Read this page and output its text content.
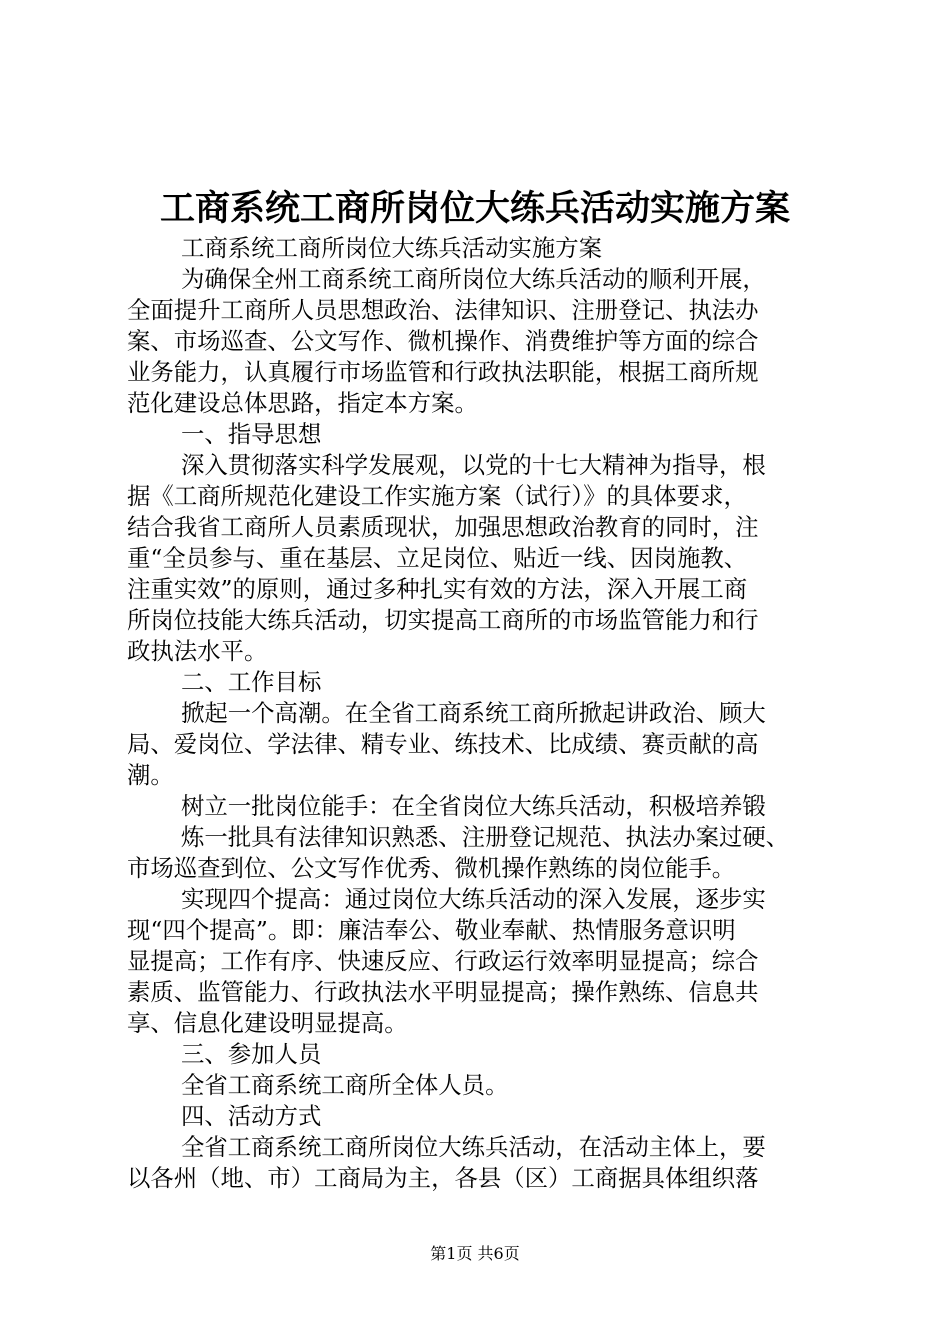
工商系统工商所岗位大练兵活动实施方案
工商系统工商所岗位大练兵活动实施方案
为确保全州工商系统工商所岗位大练兵活动的顺利开展，
全面提升工商所人员思想政治、法律知识、注册登记、执法办
案、市场巡查、公文写作、微机操作、消费维护等方面的综合
业务能力，认真履行市场监管和行政执法职能，根据工商所规
范化建设总体思路，指定本方案。
一、指导思想
深入贯彻落实科学发展观，以党的十七大精神为指导，根
据《工商所规范化建设工作实施方案（试行）》的具体要求，
结合我省工商所人员素质现状，加强思想政治教育的同时，注
重“全员参与、重在基层、立足岗位、贴近一线、因岗施教、
注重实效”的原则，通过多种扎实有效的方法，深入开展工商
所岗位技能大练兵活动，切实提高工商所的市场监管能力和行
政执法水平。
二、工作目标
掀起一个高潮。在全省工商系统工商所掀起讲政治、顾大
局、爱岗位、学法律、精专业、练技术、比成绩、赛贡献的高
潮。
树立一批岗位能手：在全省岗位大练兵活动，积极培养锻
炼一批具有法律知识熟悉、注册登记规范、执法办案过硬、
市场巡查到位、公文写作优秀、微机操作熟练的岗位能手。
实现四个提高：通过岗位大练兵活动的深入发展，逐步实
现“四个提高”。即：廉洁奉公、敬业奉献、热情服务意识明
显提高；工作有序、快速反应、行政运行效率明显提高；综合
素质、监管能力、行政执法水平明显提高；操作熟练、信息共
享、信息化建设明显提高。
三、参加人员
全省工商系统工商所全体人员。
四、活动方式
全省工商系统工商所岗位大练兵活动，在活动主体上，要
以各州（地、市）工商局为主，各县（区）工商据具体组织落
第1页 共6页
